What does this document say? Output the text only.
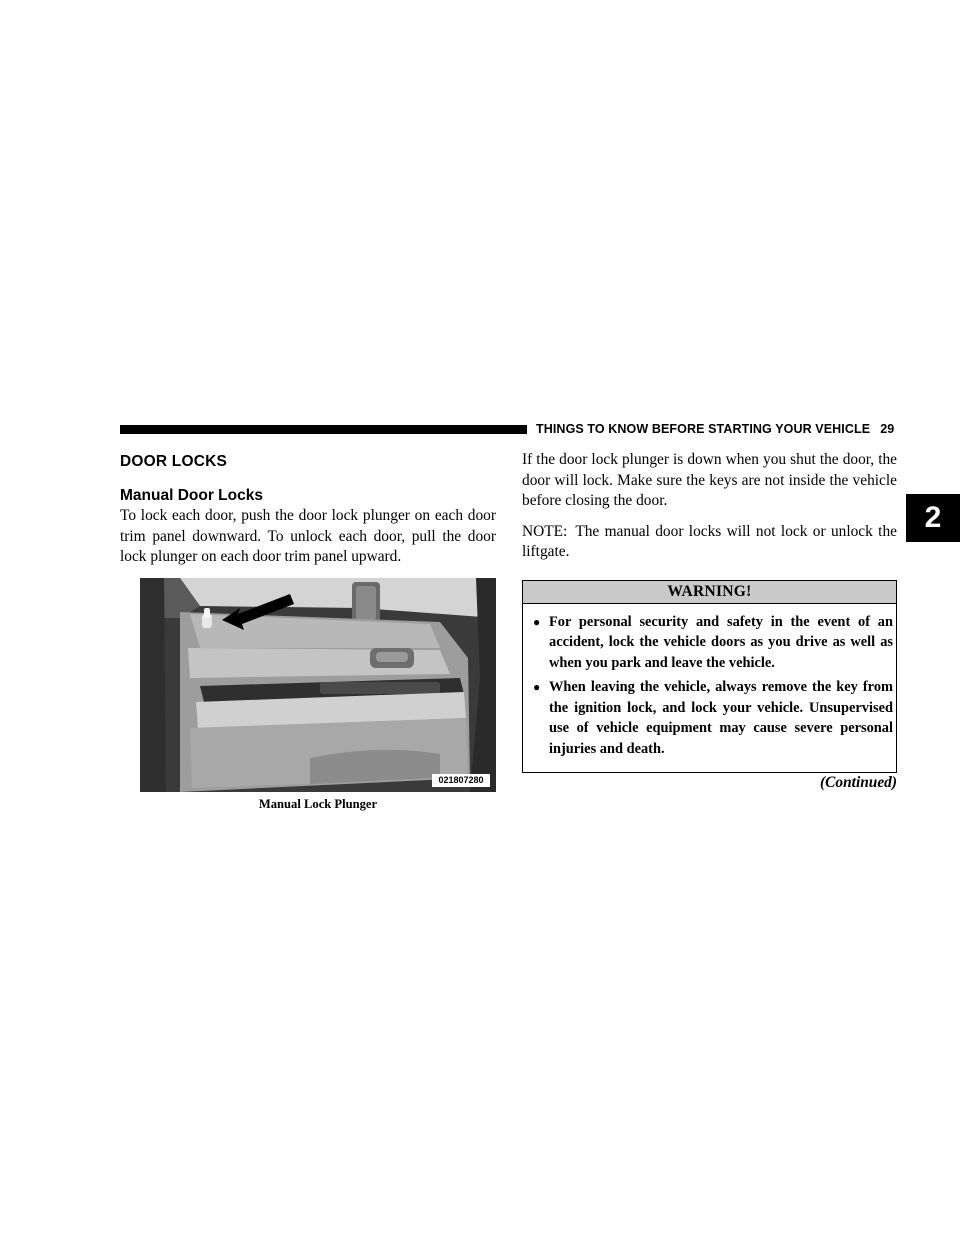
THINGS TO KNOW BEFORE STARTING YOUR VEHICLE 29
2
DOOR LOCKS
Manual Door Locks

To lock each door, push the door lock plunger on each door trim panel downward. To unlock each door, pull the door lock plunger on each door trim panel upward.

021807280
Manual Lock Plunger

If the door lock plunger is down when you shut the door, the door will lock. Make sure the keys are not inside the vehicle before closing the door.

NOTE: The manual door locks will not lock or unlock the liftgate.

WARNING!
● For personal security and safety in the event of an accident, lock the vehicle doors as you drive as well as when you park and leave the vehicle.
● When leaving the vehicle, always remove the key from the ignition lock, and lock your vehicle. Unsupervised use of vehicle equipment may cause severe personal injuries and death.
(Continued)
